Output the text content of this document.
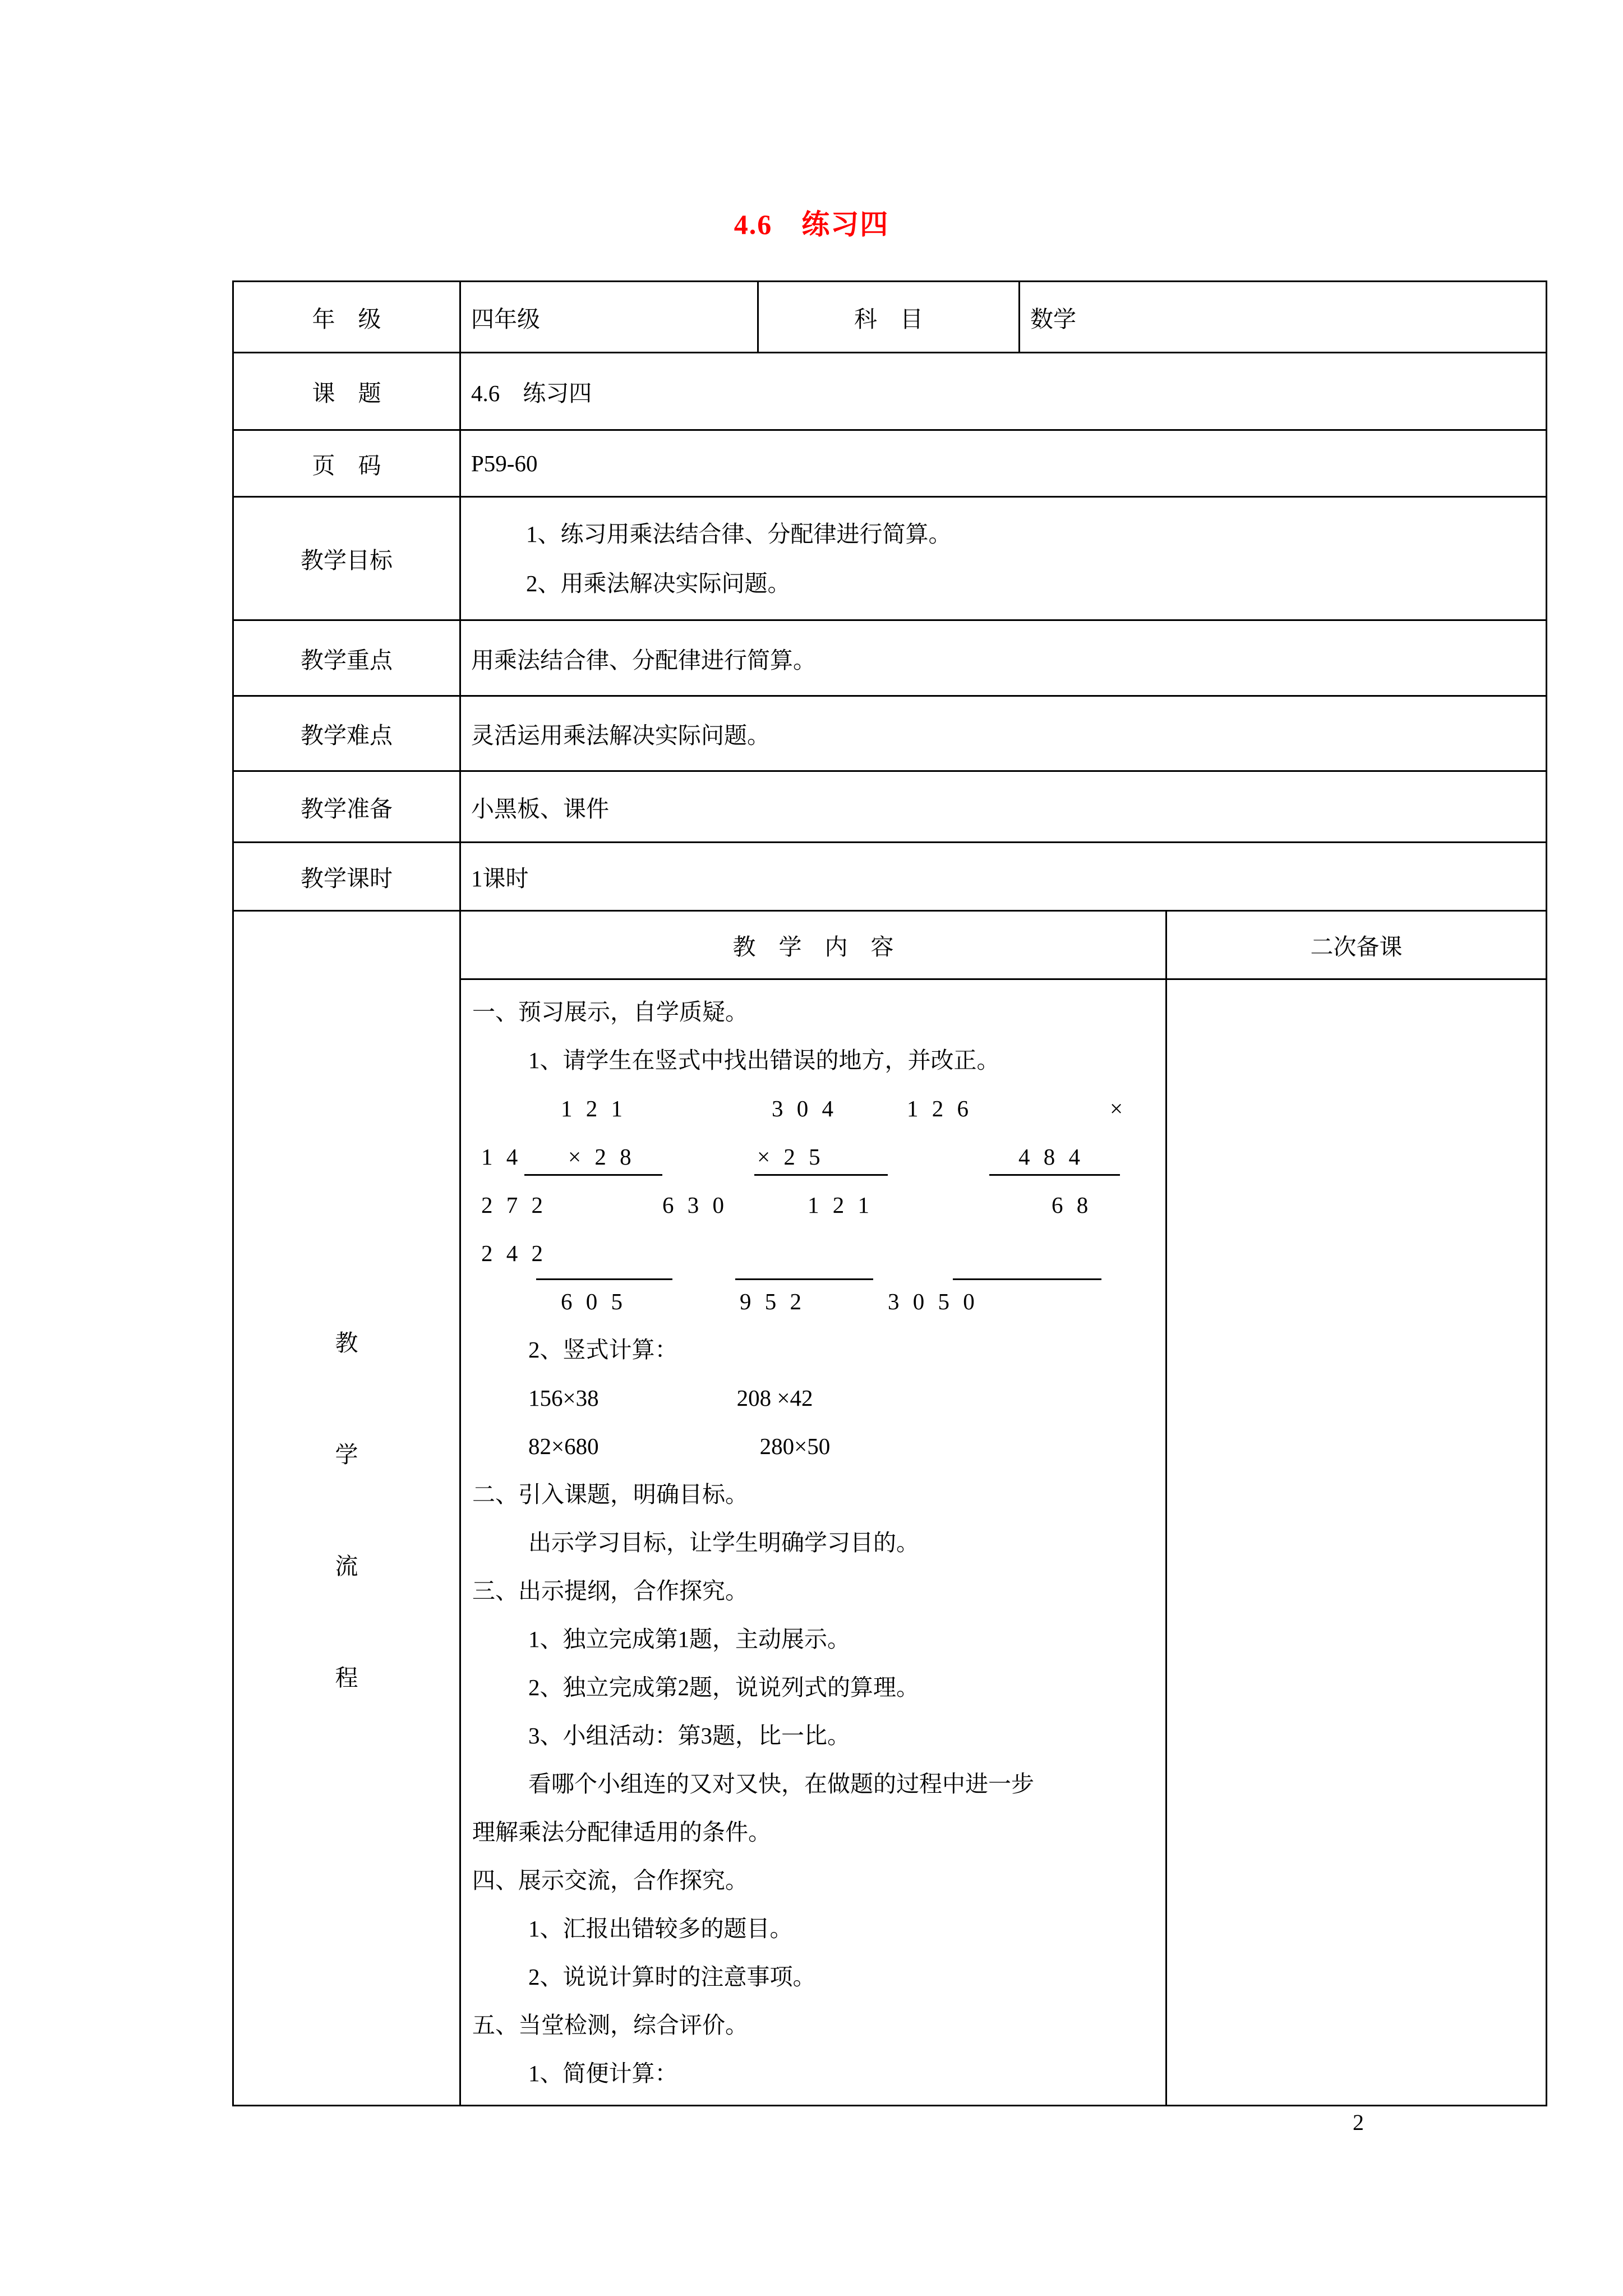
4.6　练习四
年　级	四年级	科　目	数学
课　题	4.6　练习四
页　码	P59-60
教学目标
1、练习用乘法结合律、分配律进行简算。
2、用乘法解决实际问题。
教学重点	用乘法结合律、分配律进行简算。
教学难点	灵活运用乘法解决实际问题。
教学准备	小黑板、课件
教学课时	1课时
教
学
流
程
教　学　内　容	二次备课
一、预习展示，自学质疑。
1、请学生在竖式中找出错误的地方，并改正。
1 2 1	3 0 4	1 2 6	×
1 4 × 2 8	× 2 5	4 8 4
2 7 2	6 3 0	1 2 1	6 8
2 4 2
6 0 5	9 5 2	3 0 5 0
2、竖式计算：
156×38　　　　　　208 ×42
82×680　　　　　　　280×50
二、引入课题，明确目标。
出示学习目标，让学生明确学习目的。
三、出示提纲，合作探究。
1、独立完成第1题，主动展示。
2、独立完成第2题，说说列式的算理。
3、小组活动：第3题，比一比。
看哪个小组连的又对又快，在做题的过程中进一步
理解乘法分配律适用的条件。
四、展示交流，合作探究。
1、汇报出错较多的题目。
2、说说计算时的注意事项。
五、当堂检测，综合评价。
1、简便计算：
2
